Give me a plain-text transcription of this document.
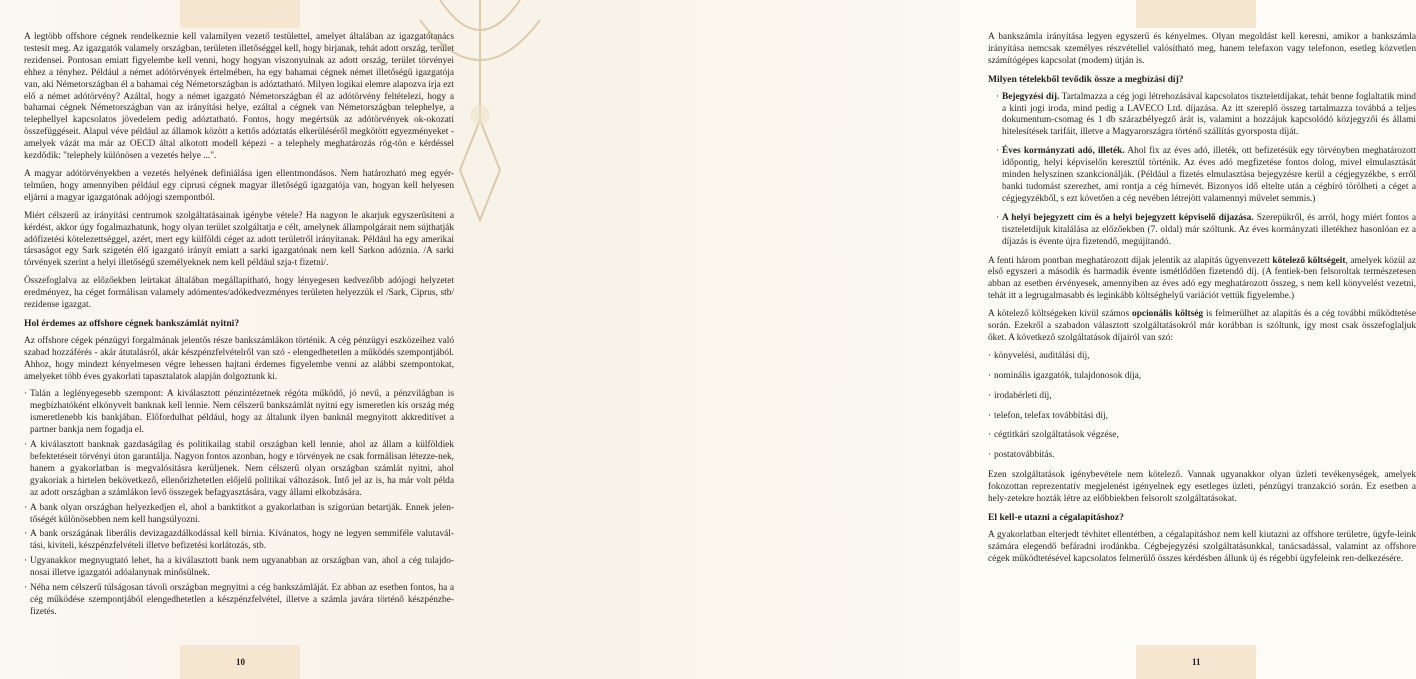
A legtöbb offshore cégnek rendelkeznie kell valamilyen vezető testülettel, amelyet általában az igazgatótanács testesít meg. Az igazgatók valamely országban, területen illetőséggel kell, hogy birjanak, tehát adott ország, terület rezidensei. Pontosan emiatt figyelembe kell venni, hogy hogyan viszonyulnak az adott ország, terület törvényei ehhez a tényhez. Például a német adótörvények értelmében, ha egy bahamai cégnek német illetőségű igazgatója van, aki Németországban él a bahamai cég Németországban is adóztatható. Milyen logikai elemre alapozva írja ezt elő a német adótörvény? Azáltal, hogy a német igazgató Németországban él az adótörvény feltételezi, hogy a bahamai cégnek Németországban van az irányítási helye, ezáltal a cégnek van Németországban telephelye, a telephellyel kapcsolatos jövedelem pedig adóztatható. Fontos, hogy megértsük az adótörvények ok-okozati összefüggéseit. Alapul véve például az államok között a kettős adóztatás elkerüléséről megkötött egyezményeket - amelyek vázát ma már az OECD által alkotott modell képezi - a telephely meghatározás rög-tön e kérdéssel kezdődik: "telephely különösen a vezetés helye ...".

A magyar adótörvényekben a vezetés helyének definiálása igen ellentmondásos. Nem határozható meg egyér-telműen, hogy amennyiben például egy ciprusi cégnek magyar illetőségű igazgatója van, hogyan kell helyesen eljárni a magyar igazgatónak adójogi szempontból.

Miért célszerű az irányítási centrumok szolgáltatásainak igénybe vétele? Ha nagyon le akarjuk egyszerűsíteni a kérdést, akkor úgy fogalmazhatunk, hogy olyan terület szolgáltatja e célt, amelynek állampolgárait nem sújthatják adófizetési kötelezettséggel, azért, mert egy külföldi céget az adott területről irányítanak. Például ha egy amerikai társaságot egy Sark szigetén élő igazgató irányít emiatt a sarki igazgatónak nem kell Sarkon adóznia. /A sarki törvények szerint a helyi illetőségű személyeknek nem kell például szja-t fizetni/.

Összefoglalva az előzőekben leírtakat általában megállapítható, hogy lényegesen kedvezőbb adójogi helyzetet eredményez, ha céget formálisan valamely adómentes/adókedvezményes területen helyezzük el /Sark, Ciprus, stb/ rezidense igazgat.

Hol érdemes az offshore cégnek bankszámlát nyitni?

Az offshore cégek pénzügyi forgalmának jelentős része bankszámlákon történik. A cég pénzügyi eszközeihez való szabad hozzáférés - akár átutalásról, akár készpénzfelvételről van szó - elengedhetetlen a működés szempontjából. Ahhoz, hogy mindezt kényelmesen végre lehessen hajtani érdemes figyelembe venni az alábbi szempontokat, amelyeket több éves gyakorlati tapasztalatok alapján dolgoztunk ki.

· Talán a leglényegesebb szempont: A kiválasztott pénzintézetnek régóta működő, jó nevű, a pénzvilágban is megbízhatóként elkönyvelt banknak kell lennie. Nem célszerű bankszámlát nyitni egy ismeretlen kis ország még ismeretlenebb kis bankjában. Előfordulhat például, hogy az általunk ilyen banknál megnyitott akkreditívet a partner bankja nem fogadja el.
· A kiválasztott banknak gazdaságilag és politikailag stabil országban kell lennie, ahol az állam a külföldiek befektetéseit törvényi úton garantálja. Nagyon fontos azonban, hogy e törvények ne csak formálisan létezze-nek, hanem a gyakorlatban is megvalósításra kerüljenek. Nem célszerű olyan országban számlát nyitni, ahol gyakoriak a hirtelen bekövetkező, ellenőrizhetetlen előjelű politikai változások. Intő jel az is, ha már volt példa az adott országban a számlákon levő összegek befagyasztására, vagy állami elkobzására.
· A bank olyan országban helyezkedjen el, ahol a banktitkot a gyakorlatban is szigorúan betartják. Ennek jelen-tőségét különösebben nem kell hangsúlyozni.
· A bank országának liberális devizagazdálkodással kell bírnia. Kívánatos, hogy ne legyen semmiféle valutavál-tási, kiviteli, készpénzfelvételi illetve befizetési korlátozás, stb.
· Ugyanakkor megnyugtató lehet, ha a kiválasztott bank nem ugyanabban az országban van, ahol a cég tulajdo-nosai illetve igazgatói adóalanynak minősülnek.
· Néha nem célszerű túlságosan távoli országban megnyitni a cég bankszámláját. Ez abban az esetben fontos, ha a cég működése szempontjából elengedhetetlen a készpénzfelvétel, illetve a számla javára történő készpénzbe-fizetés.
10

A bankszámla irányítása legyen egyszerű és kényelmes. Olyan megoldást kell keresni, amikor a bankszámla irányítása nemcsak személyes részvétellel valósítható meg, hanem telefaxon vagy telefonon, esetleg közvetlen számítógépes kapcsolat (modem) útján is.

Milyen tételekből tevődik össze a megbízási díj?
· Bejegyzési díj. Tartalmazza a cég jogi létrehozásával kapcsolatos tiszteletdíjakat, tehát benne foglaltatik mind a kinti jogi iroda, mind pedig a LAVECO Ltd. díjazása. Az itt szereplő összeg tartalmazza továbbá a teljes dokumentum-csomag és 1 db szárazbélyegző árát is, valamint a hozzájuk kapcsolódó közjegyzői és állami hitelesítések tarifáit, illetve a Magyarországra történő szállítás gyorsposta díját.
· Éves kormányzati adó, illeték. Ahol fix az éves adó, illeték, ott befizetésük egy törvényben meghatározott időpontig, helyi képviselőn keresztül történik. Az éves adó megfizetése fontos dolog, mivel elmulasztását minden helyszínen szankcionálják. (Például a fizetés elmulasztása bejegyzésre kerül a cégjegyzékbe, s erről banki tudomást szerezhet, ami rontja a cég hírnevét. Bizonyos idő eltelte után a cégbíró törölheti a céget a cégjegyzékből, s ezt követően a cég nevében létrejött valamennyi művelet semmis.)
· A helyi bejegyzett cím és a helyi bejegyzett képviselő díjazása. Szerepükről, és arról, hogy miért fontos a tiszteletdíjuk kitalálása az előzőekben (7. oldal) már szóltunk. Az éves kormányzati illetékhez hasonlóan ez a díjazás is évente újra fizetendő, megújítandó.

A fenti három pontban meghatározott díjak jelentik az alapítás ügyenvezett kötelező költségeit, amelyek közül az első egyszeri a második és harmadik évente ismétlődően fizetendő díj. (A fentiek-ben felsoroltak természetesen abban az esetben érvényesek, amennyiben az éves adó egy meghatározott összeg, s nem kell könyvelést vezetni, tehát itt a legrugalmasabb és leginkább költséghelyű variációt vettük figyelembe.)

A kötelező költségeken kívül számos opcionális költség is felmerülhet az alapítás és a cég további működtetése során. Ezekről a szabadon választott szolgáltatásokról már korábban is szóltunk, így most csak összefoglaljuk őket. A következő szolgáltatások díjairól van szó:

· könyvelési, auditálási díj,
· nominális igazgatók, tulajdonosok díja,
· irodabérleti díj,
· telefon, telefax továbbítási díj,
· cégtitkári szolgáltatások végzése,
· postatovábbítás.

Ezen szolgáltatások igénybevétele nem kötelező. Vannak ugyanakkor olyan üzleti tevékenységek, amelyek fokozottan reprezentatív megjelenést igényelnek egy esetleges üzleti, pénzügyi tranzakció során. Ez esetben a hely-zetekre hozták létre az előbbiekben felsorolt szolgáltatásokat.

El kell-e utazni a cégalapításhoz?

A gyakorlatban elterjedt tévhitet ellentétben, a cégalapításhoz nem kell kiutazni az offshore területre, ügyfe-leink számára elegendő befáradni irodánkba. Cégbejegyzési szolgáltatásunkkal, tanácsadással, valamint az offshore cégek működtetésével kapcsolatos felmerülő összes kérdésben állunk új és régebbi ügyfeleink ren-delkezésére.

11
